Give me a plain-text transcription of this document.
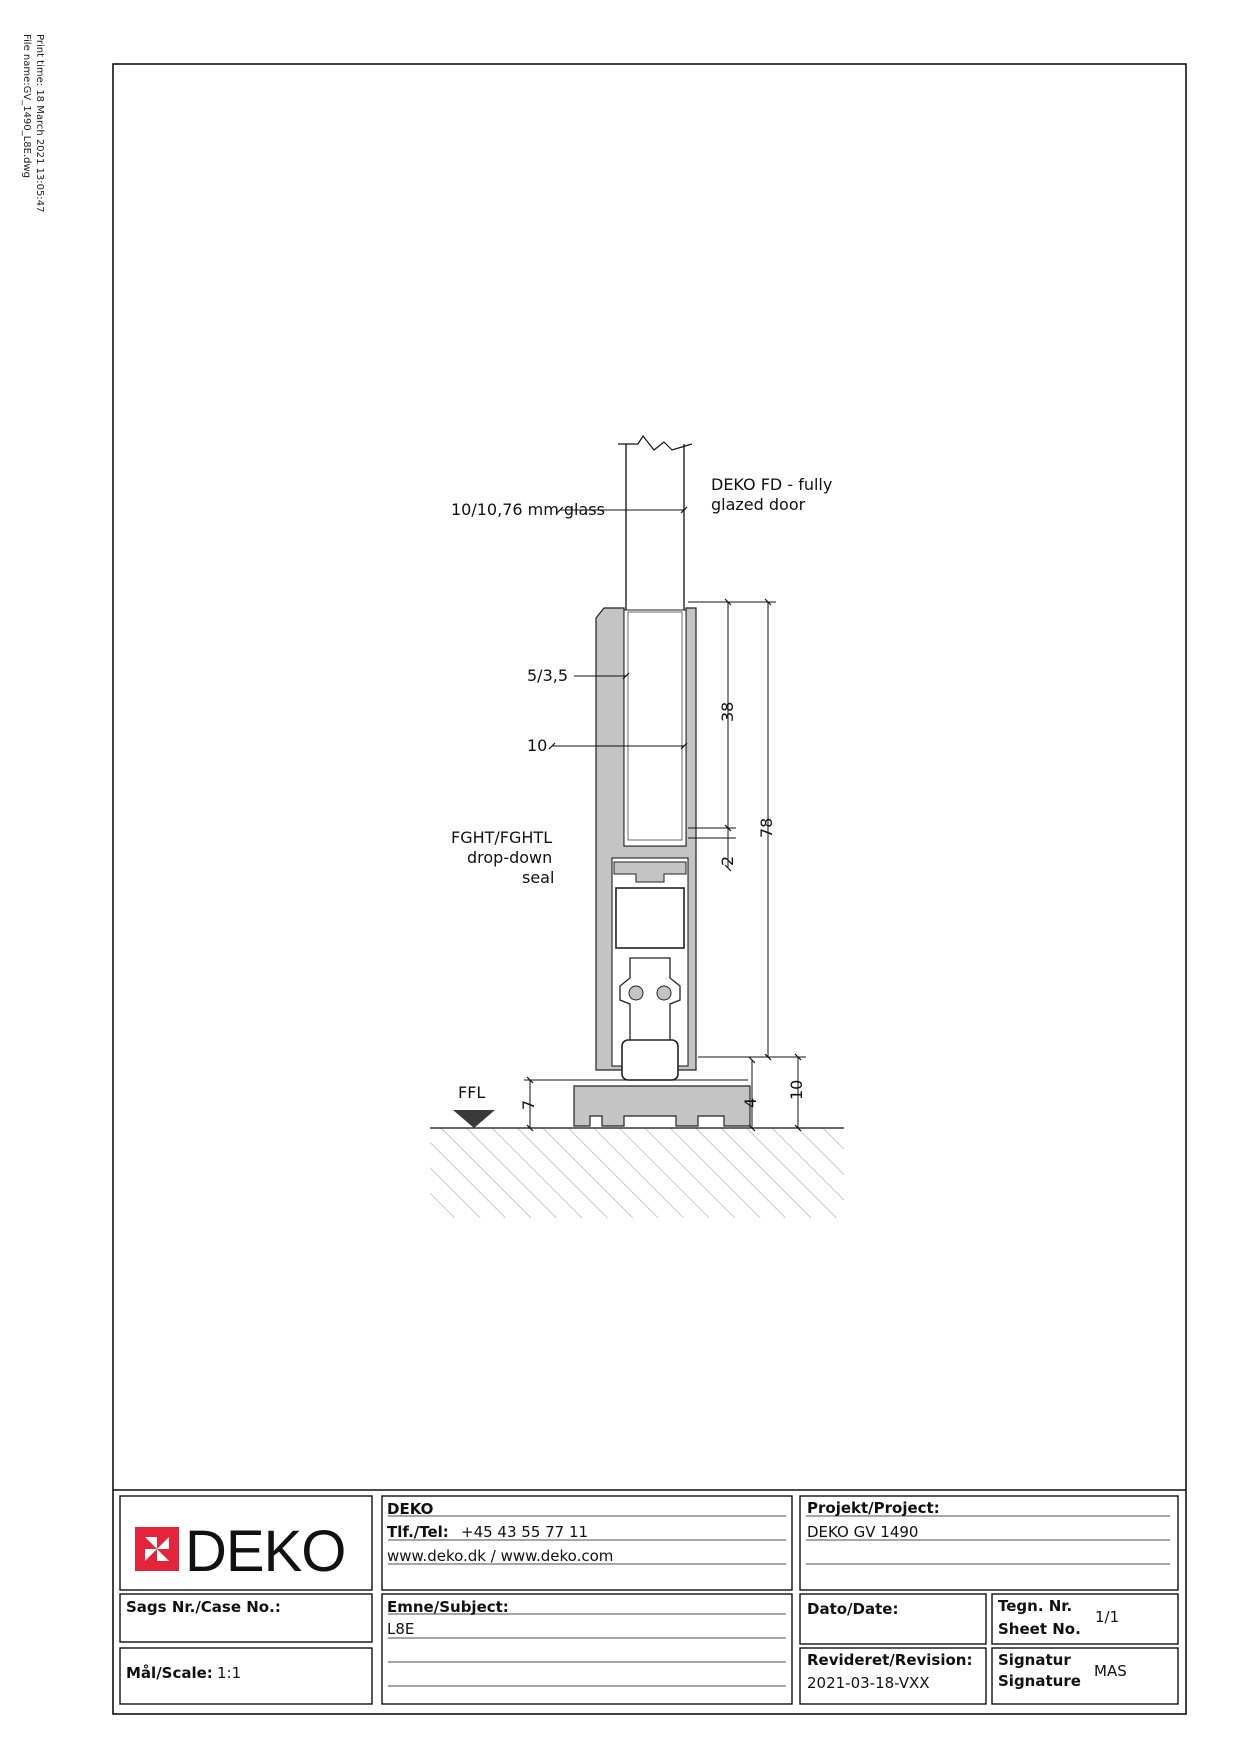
Print time: 18 March 2021 13:05:47
File name:GV_1490_L8E.dwg
FFL
10/10,76 mm glass
DEKO FD - fully
glazed door
5/3,5
10
FGHT/FGHTL
drop-down
seal
38
2
78
7	4
10
DEKO
DEKO
Tlf./Tel: +45 43 55 77 11
www.deko.dk / www.deko.com
Projekt/Project:
DEKO GV 1490
Sags Nr./Case No.:	Emne/Subject:
L8E
Dato/Date:	Tegn. Nr.
Sheet No.
1/1
Mål/Scale: 1:1
Revideret/Revision:
2021-03-18-VXX
Signatur
Signature
MAS
